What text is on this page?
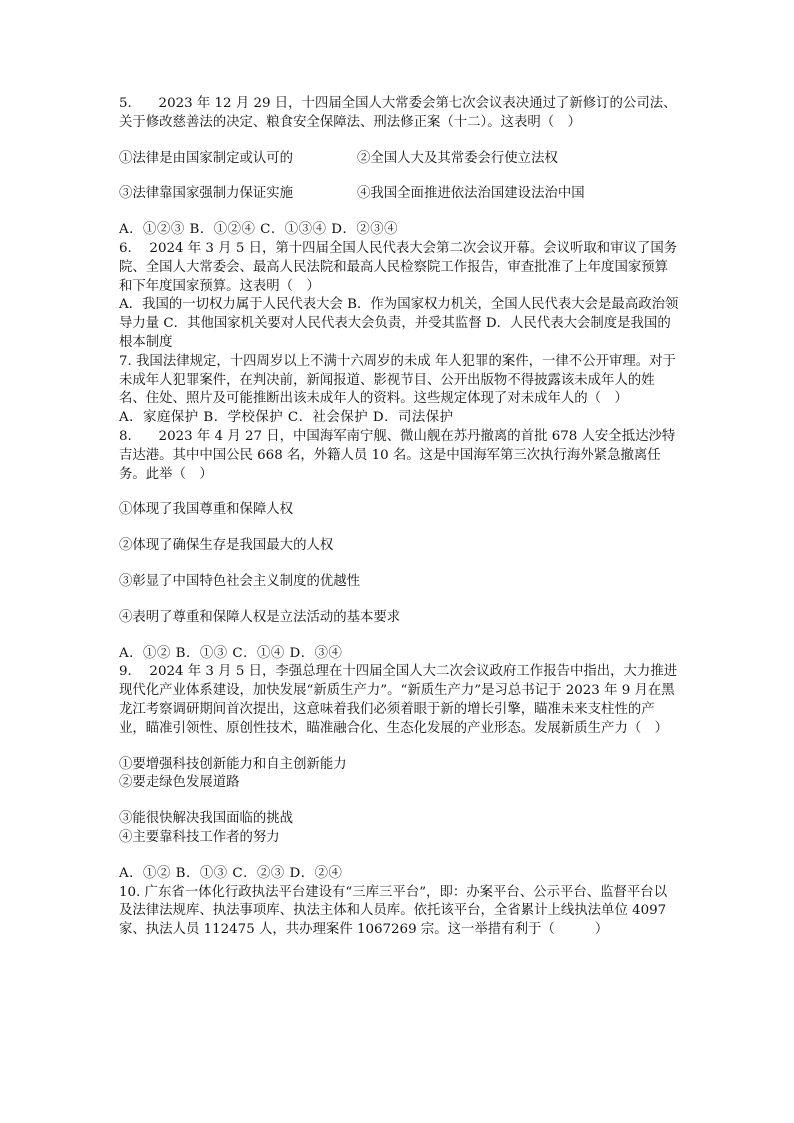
5.　　2023 年 12 月 29 日，十四届全国人大常委会第七次会议表决通过了新修订的公司法、关于修改慈善法的决定、粮食安全保障法、刑法修正案（十二）。这表明（　）

①法律是由国家制定或认可的	②全国人大及其常委会行使立法权
③法律靠国家强制力保证实施	④我国全面推进依法治国建设法治中国

A．①②③ B．①②④ C．①③④ D．②③④

6.　 2024 年 3 月 5 日，第十四届全国人民代表大会第二次会议开幕。会议听取和审议了国务院、全国人大常委会、最高人民法院和最高人民检察院工作报告，审查批准了上年度国家预算和下年度国家预算。这表明（　）

A．我国的一切权力属于人民代表大会 B．作为国家权力机关，全国人民代表大会是最高政治领导力量 C．其他国家机关要对人民代表大会负责，并受其监督 D．人民代表大会制度是我国的根本制度

7. 我国法律规定，十四周岁以上不满十六周岁的未成 年人犯罪的案件，一律不公开审理。对于未成年人犯罪案件，在判决前，新闻报道、影视节目、公开出版物不得披露该未成年人的姓名、住处、照片及可能推断出该未成年人的资料。这些规定体现了对未成年人的（　）

A．家庭保护 B．学校保护 C．社会保护 D．司法保护

8.　　2023 年 4 月 27 日，中国海军南宁舰、微山舰在苏丹撤离的首批 678 人安全抵达沙特吉达港。其中中国公民 668 名，外籍人员 10 名。这是中国海军第三次执行海外紧急撤离任务。此举（　）

①体现了我国尊重和保障人权

②体现了确保生存是我国最大的人权

③彰显了中国特色社会主义制度的优越性

④表明了尊重和保障人权是立法活动的基本要求

A．①② B．①③ C．①④ D．③④

9.　 2024 年 3 月 5 日，李强总理在十四届全国人大二次会议政府工作报告中指出，大力推进现代化产业体系建设，加快发展“新质生产力”。“新质生产力”是习总书记于 2023 年 9 月在黑龙江考察调研期间首次提出，这意味着我们必须着眼于新的增长引擎，瞄准未来支柱性的产业，瞄准引领性、原创性技术，瞄准融合化、生态化发展的产业形态。发展新质生产力（　）

①要增强科技创新能力和自主创新能力

②要走绿色发展道路

③能很快解决我国面临的挑战

④主要靠科技工作者的努力

A．①② B．①③ C．②③ D．②④

10. 广东省一体化行政执法平台建设有“三库三平台”，即：办案平台、公示平台、监督平台以及法律法规库、执法事项库、执法主体和人员库。依托该平台，全省累计上线执法单位 4097 家、执法人员 112475 人，共办理案件 1067269 宗。这一举措有利于（　　　）
